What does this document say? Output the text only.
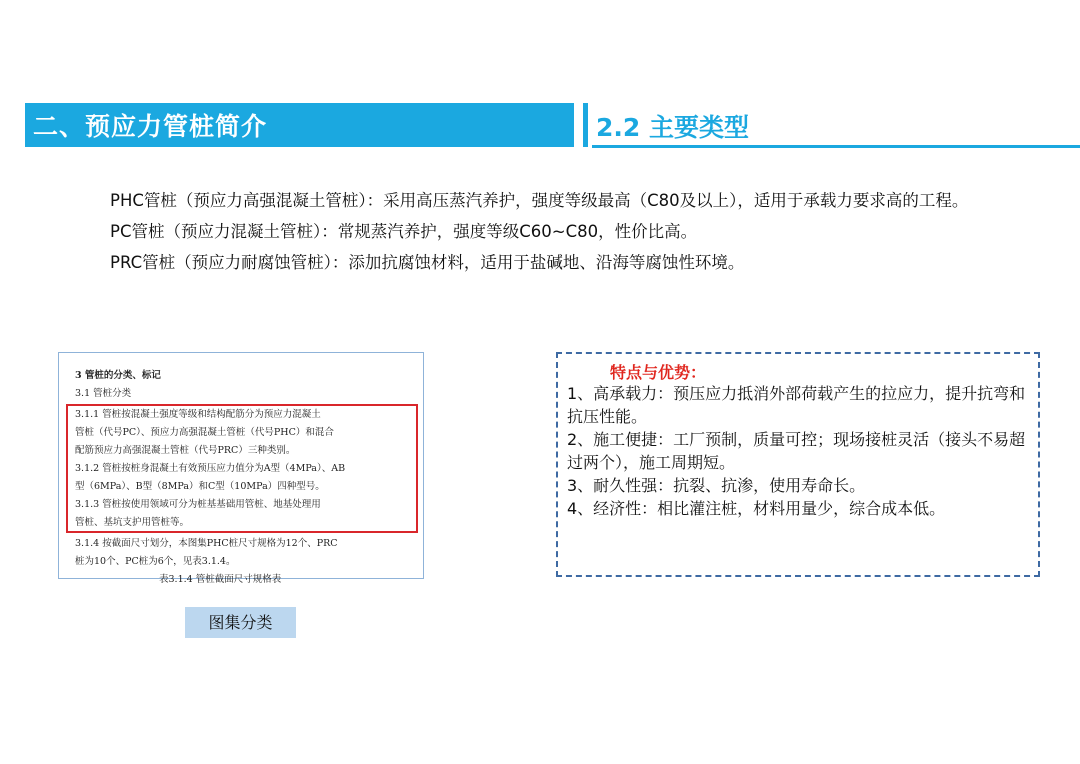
二、预应力管桩简介	2.2 主要类型

PHC管桩（预应力高强混凝土管桩）：采用高压蒸汽养护，强度等级最高（C80及以上），适用于承载力要求高的工程。

PC管桩（预应力混凝土管桩）：常规蒸汽养护，强度等级C60~C80，性价比高。

PRC管桩（预应力耐腐蚀管桩）：添加抗腐蚀材料，适用于盐碱地、沿海等腐蚀性环境。

3 管桩的分类、标记
3.1 管桩分类
3.1.1 管桩按混凝土强度等级和结构配筋分为预应力混凝土
管桩（代号PC）、预应力高强混凝土管桩（代号PHC）和混合
配筋预应力高强混凝土管桩（代号PRC）三种类别。
3.1.2 管桩按桩身混凝土有效预压应力值分为A型（4MPa）、AB
型（6MPa）、B型（8MPa）和C型（10MPa）四种型号。
3.1.3 管桩按使用领域可分为桩基基础用管桩、地基处理用
管桩、基坑支护用管桩等。
3.1.4 按截面尺寸划分，本图集PHC桩尺寸规格为12个、PRC
桩为10个、PC桩为6个，见表3.1.4。
表3.1.4 管桩截面尺寸规格表
图集分类
特点与优势：
1、高承载力：预压应力抵消外部荷载产生的拉应力，提升抗弯和抗压性能。
2、施工便捷：工厂预制，质量可控；现场接桩灵活（接头不易超过两个），施工周期短。
3、耐久性强：抗裂、抗渗，使用寿命长。
4、经济性：相比灌注桩，材料用量少，综合成本低。
